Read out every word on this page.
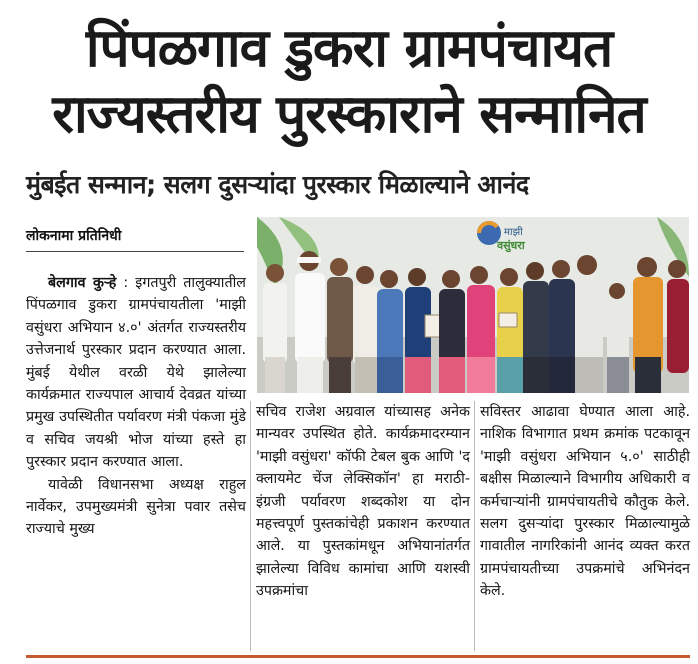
पिंपळगाव डुकरा ग्रामपंचायत
राज्यस्तरीय पुरस्काराने सन्मानित
मुंबईत सन्मान; सलग दुसऱ्यांदा पुरस्कार मिळाल्याने आनंद
लोकनामा प्रतिनिधी	माझी
वसुंधरा

बेलगाव कुऱ्हे : इगतपुरी तालुक्यातील पिंपळगाव डुकरा ग्रामपंचायतीला 'माझी वसुंधरा अभियान ४.०' अंतर्गत राज्यस्तरीय उत्तेजनार्थ पुरस्कार प्रदान करण्यात आला. मुंबई येथील वरळी येथे झालेल्या कार्यक्रमात राज्यपाल आचार्य देवव्रत यांच्या प्रमुख उपस्थितीत पर्यावरण मंत्री पंकजा मुंडे व सचिव जयश्री भोज यांच्या हस्ते हा पुरस्कार प्रदान करण्यात आला.

यावेळी विधानसभा अध्यक्ष राहुल नार्वेकर, उपमुख्यमंत्री सुनेत्रा पवार तसेच राज्याचे मुख्य

सचिव राजेश अग्रवाल यांच्यासह अनेक मान्यवर उपस्थित होते. कार्यक्रमादरम्यान 'माझी वसुंधरा' कॉफी टेबल बुक आणि 'द क्लायमेट चेंज लेक्सिकॉन' हा मराठी-इंग्रजी पर्यावरण शब्दकोश या दोन महत्त्वपूर्ण पुस्तकांचेही प्रकाशन करण्यात आले. या पुस्तकांमधून अभियानांतर्गत झालेल्या विविध कामांचा आणि यशस्वी उपक्रमांचा

सविस्तर आढावा घेण्यात आला आहे. नाशिक विभागात प्रथम क्रमांक पटकावून 'माझी वसुंधरा अभियान ५.०' साठीही बक्षीस मिळाल्याने विभागीय अधिकारी व कर्मचाऱ्यांनी ग्रामपंचायतीचे कौतुक केले. सलग दुसऱ्यांदा पुरस्कार मिळाल्यामुळे गावातील नागरिकांनी आनंद व्यक्त करत ग्रामपंचायतीच्या उपक्रमांचे अभिनंदन केले.
